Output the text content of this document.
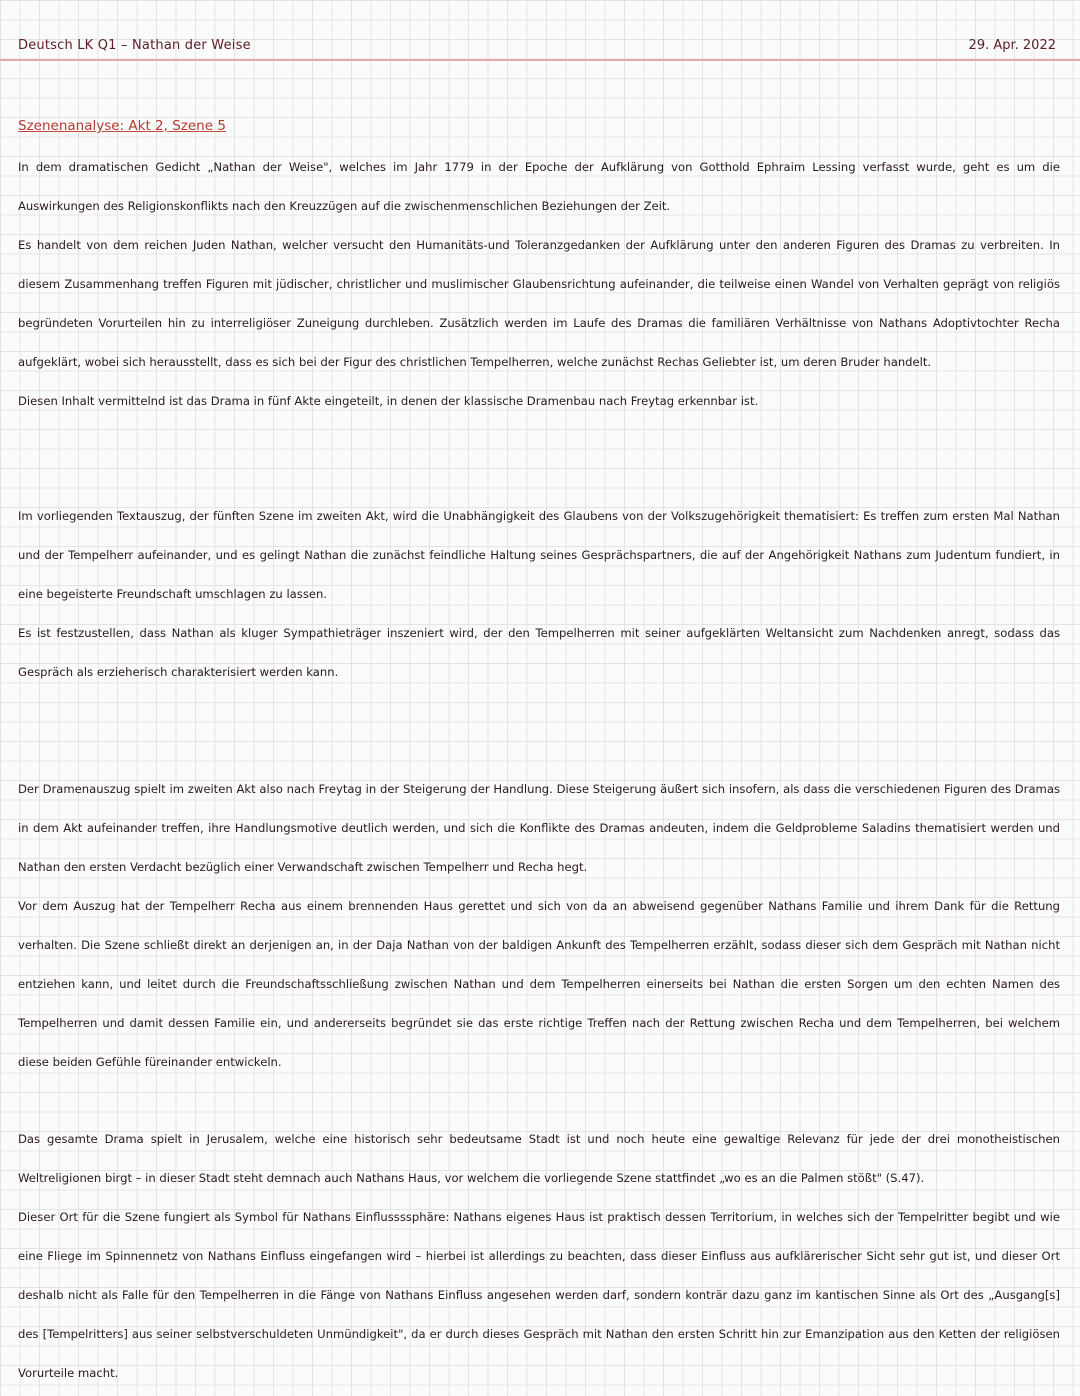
Deutsch LK Q1 – Nathan der Weise	29. Apr. 2022
Szenenanalyse: Akt 2, Szene 5

In dem dramatischen Gedicht „Nathan der Weise", welches im Jahr 1779 in der Epoche der Aufklärung von Gotthold Ephraim Lessing verfasst wurde, geht es um die Auswirkungen des Religionskonflikts nach den Kreuzzügen auf die zwischenmenschlichen Beziehungen der Zeit.
Es handelt von dem reichen Juden Nathan, welcher versucht den Humanitäts-und Toleranzgedanken der Aufklärung unter den anderen Figuren des Dramas zu verbreiten. In diesem Zusammenhang treffen Figuren mit jüdischer, christlicher und muslimischer Glaubensrichtung aufeinander, die teilweise einen Wandel von Verhalten geprägt von religiös begründeten Vorurteilen hin zu interreligiöser Zuneigung durchleben. Zusätzlich werden im Laufe des Dramas die familiären Verhältnisse von Nathans Adoptivtochter Recha aufgeklärt, wobei sich herausstellt, dass es sich bei der Figur des christlichen Tempelherren, welche zunächst Rechas Geliebter ist, um deren Bruder handelt.
Diesen Inhalt vermittelnd ist das Drama in fünf Akte eingeteilt, in denen der klassische Dramenbau nach Freytag erkennbar ist.

Im vorliegenden Textauszug, der fünften Szene im zweiten Akt, wird die Unabhängigkeit des Glaubens von der Volkszugehörigkeit thematisiert: Es treffen zum ersten Mal Nathan und der Tempelherr aufeinander, und es gelingt Nathan die zunächst feindliche Haltung seines Gesprächspartners, die auf der Angehörigkeit Nathans zum Judentum fundiert, in eine begeisterte Freundschaft umschlagen zu lassen.
Es ist festzustellen, dass Nathan als kluger Sympathieträger inszeniert wird, der den Tempelherren mit seiner aufgeklärten Weltansicht zum Nachdenken anregt, sodass das Gespräch als erzieherisch charakterisiert werden kann.

Der Dramenauszug spielt im zweiten Akt also nach Freytag in der Steigerung der Handlung. Diese Steigerung äußert sich insofern, als dass die verschiedenen Figuren des Dramas in dem Akt aufeinander treffen, ihre Handlungsmotive deutlich werden, und sich die Konflikte des Dramas andeuten, indem die Geldprobleme Saladins thematisiert werden und Nathan den ersten Verdacht bezüglich einer Verwandschaft zwischen Tempelherr und Recha hegt.
Vor dem Auszug hat der Tempelherr Recha aus einem brennenden Haus gerettet und sich von da an abweisend gegenüber Nathans Familie und ihrem Dank für die Rettung verhalten. Die Szene schließt direkt an derjenigen an, in der Daja Nathan von der baldigen Ankunft des Tempelherren erzählt, sodass dieser sich dem Gespräch mit Nathan nicht entziehen kann, und leitet durch die Freundschaftsschließung zwischen Nathan und dem Tempelherren einerseits bei Nathan die ersten Sorgen um den echten Namen des Tempelherren und damit dessen Familie ein, und andererseits begründet sie das erste richtige Treffen nach der Rettung zwischen Recha und dem Tempelherren, bei welchem diese beiden Gefühle füreinander entwickeln.

Das gesamte Drama spielt in Jerusalem, welche eine historisch sehr bedeutsame Stadt ist und noch heute eine gewaltige Relevanz für jede der drei monotheistischen Weltreligionen birgt – in dieser Stadt steht demnach auch Nathans Haus, vor welchem die vorliegende Szene stattfindet „wo es an die Palmen stößt" (S.47).
Dieser Ort für die Szene fungiert als Symbol für Nathans Einflussssphäre: Nathans eigenes Haus ist praktisch dessen Territorium, in welches sich der Tempelritter begibt und wie eine Fliege im Spinnennetz von Nathans Einfluss eingefangen wird – hierbei ist allerdings zu beachten, dass dieser Einfluss aus aufklärerischer Sicht sehr gut ist, und dieser Ort deshalb nicht als Falle für den Tempelherren in die Fänge von Nathans Einfluss angesehen werden darf, sondern konträr dazu ganz im kantischen Sinne als Ort des „Ausgang[s] des [Tempelritters] aus seiner selbstverschuldeten Unmündigkeit", da er durch dieses Gespräch mit Nathan den ersten Schritt hin zur Emanzipation aus den Ketten der religiösen Vorurteile macht.
